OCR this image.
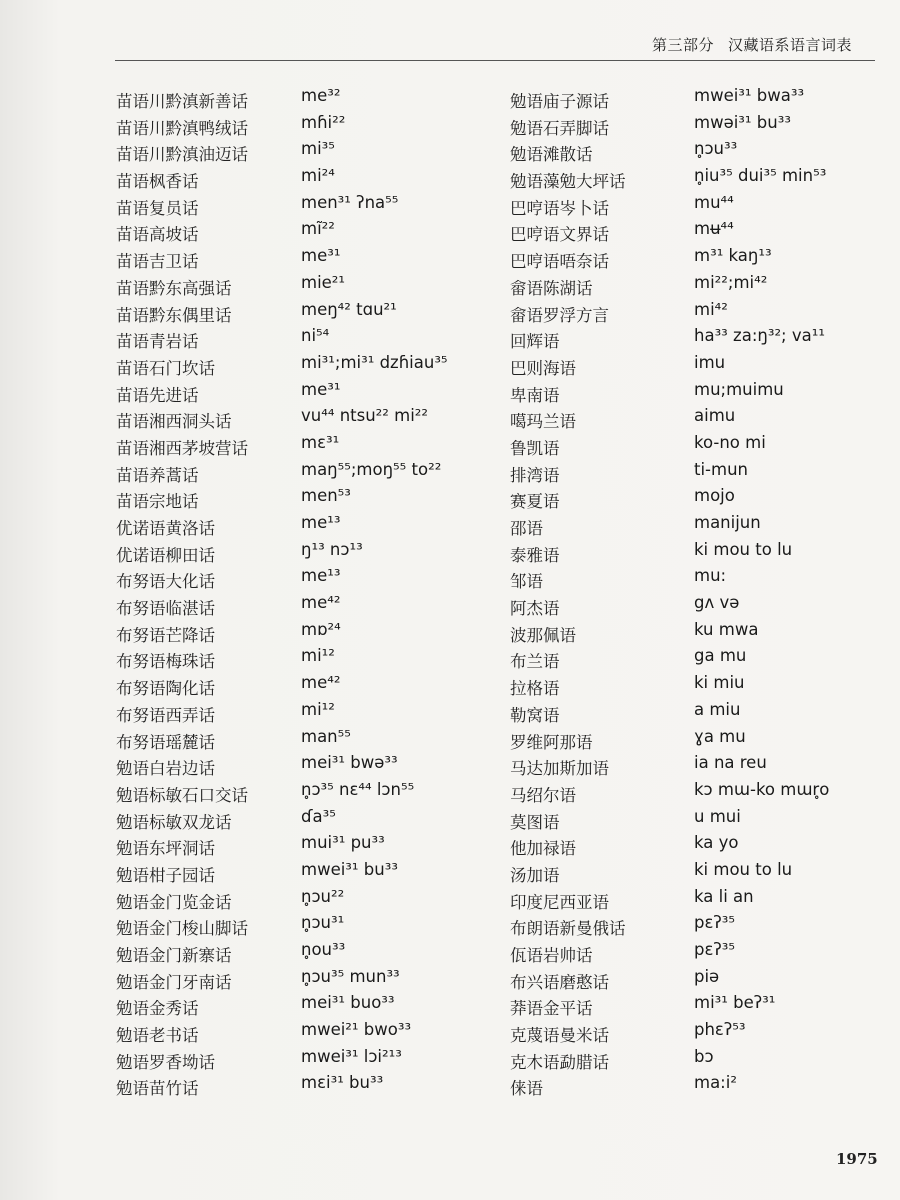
第三部分 汉藏语系语言词表
苗语川黔滇新善话	me³²
苗语川黔滇鸭绒话	mɦi²²
苗语川黔滇油迈话	mi³⁵
苗语枫香话	mi²⁴
苗语复员话	men³¹ ʔna⁵⁵
苗语高坡话	mĩ²²
苗语吉卫话	me³¹
苗语黔东高强话	mie²¹
苗语黔东偶里话	meŋ⁴² tɑu²¹
苗语青岩话	ni⁵⁴
苗语石门坎话	mi³¹;mi³¹ dzɦiau³⁵
苗语先进话	me³¹
苗语湘西洞头话	vu⁴⁴ ntsu²² mi²²
苗语湘西茅坡营话	mɛ³¹
苗语养蒿话	maŋ⁵⁵;moŋ⁵⁵ to²²
苗语宗地话	men⁵³
优诺语黄洛话	me¹³
优诺语柳田话	ŋ¹³ nɔ¹³
布努语大化话	me¹³
布努语临湛话	me⁴²
布努语芒降话	mɒ²⁴
布努语梅珠话	mi¹²
布努语陶化话	me⁴²
布努语西弄话	mi¹²
布努语瑶麓话	man⁵⁵
勉语白岩边话	mei³¹ bwə³³
勉语标敏石口交话	n̥ɔ³⁵ nɛ⁴⁴ lɔn⁵⁵
勉语标敏双龙话	ɗa³⁵
勉语东坪洞话	mui³¹ pu³³
勉语柑子园话	mwei³¹ bu³³
勉语金门览金话	n̥ɔu²²
勉语金门梭山脚话	n̥ɔu³¹
勉语金门新寨话	n̥ou³³
勉语金门牙南话	n̥ɔu³⁵ mun³³
勉语金秀话	mei³¹ buo³³
勉语老书话	mwei²¹ bwo³³
勉语罗香坳话	mwei³¹ lɔi²¹³
勉语苗竹话	mɛi³¹ bu³³
勉语庙子源话	mwei³¹ bwa³³
勉语石弄脚话	mwəi³¹ bu³³
勉语滩散话	n̥ɔu³³
勉语藻勉大坪话	n̥iu³⁵ dui³⁵ min⁵³
巴哼语岑卜话	mu⁴⁴
巴哼语文界话	mʉ⁴⁴
巴哼语唔奈话	m³¹ kaŋ¹³
畲语陈湖话	mi²²;mi⁴²
畲语罗浮方言	mi⁴²
回辉语	ha³³ za:ŋ³²; va¹¹
巴则海语	imu
卑南语	mu;muimu
噶玛兰语	aimu
鲁凯语	ko-no mi
排湾语	ti-mun
赛夏语	mojo
邵语	manijun
泰雅语	ki mou to lu
邹语	mu:
阿杰语	gʌ və
波那佩语	ku mwa
布兰语	ga mu
拉格语	ki miu
勒窝语	a miu
罗维阿那语	ɣa mu
马达加斯加语	ia na reu
马绍尔语	kɔ mɯ-ko mɯr̥o
莫图语	u mui
他加禄语	ka yo
汤加语	ki mou to lu
印度尼西亚语	ka li an
布朗语新曼俄话	pɛʔ³⁵
佤语岩帅话	pɛʔ³⁵
布兴语磨憨话	piə
莽语金平话	mi³¹ beʔ³¹
克蔑语曼米话	phɛʔ⁵³
克木语勐腊话	bɔ
俫语	ma:i²
1975
